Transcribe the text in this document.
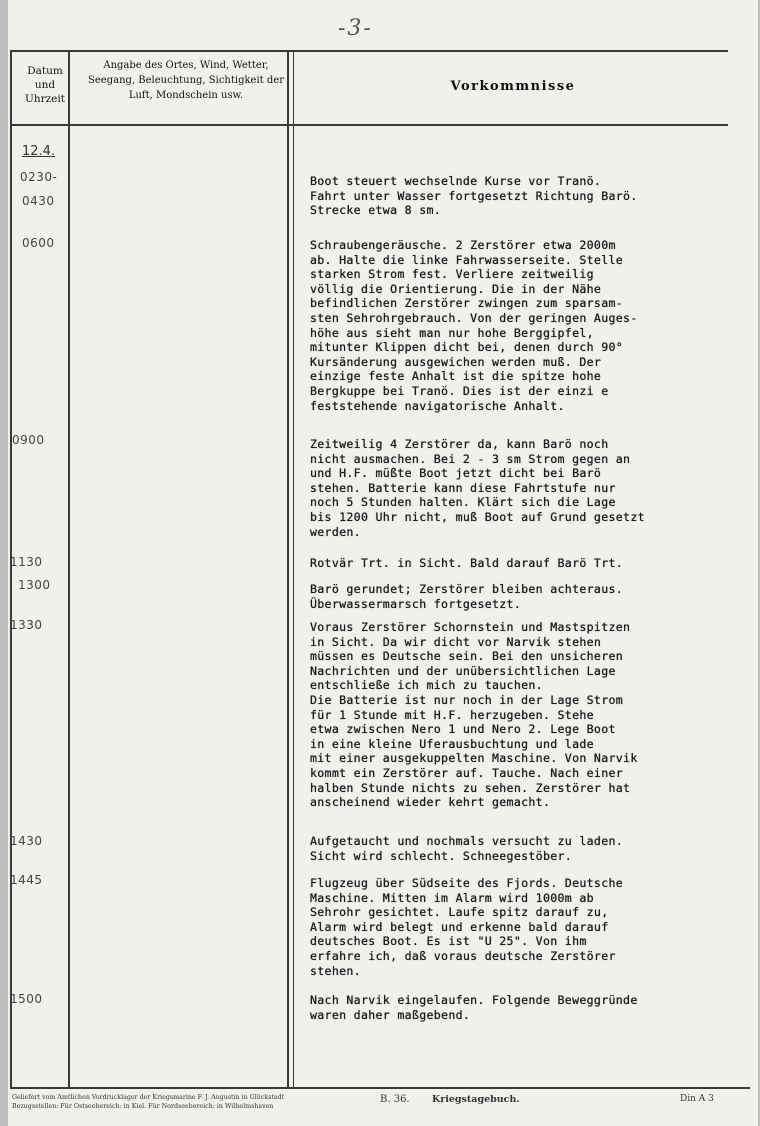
-3-
Datum und Uhrzeit
Angabe des Ortes, Wind, Wetter, Seegang, Beleuchtung, Sichtigkeit der Luft, Mondschein usw.
Vorkommnisse
12.4.
0230-
0430
0600
0900
1130
1300
1330
1430
1445
1500

Boot steuert wechselnde Kurse vor Tranö.
Fahrt unter Wasser fortgesetzt Richtung Barö.
Strecke etwa 8 sm.

Schraubengeräusche. 2 Zerstörer etwa 2000m
ab. Halte die linke Fahrwasserseite. Stelle
starken Strom fest. Verliere zeitweilig
völlig die Orientierung. Die in der Nähe
befindlichen Zerstörer zwingen zum sparsam-
sten Sehrohrgebrauch. Von der geringen Auges-
höhe aus sieht man nur hohe Berggipfel,
mitunter Klippen dicht bei, denen durch 90°
Kursänderung ausgewichen werden muß. Der
einzige feste Anhalt ist die spitze hohe
Bergkuppe bei Tranö. Dies ist der einzi e
feststehende navigatorische Anhalt.

Zeitweilig 4 Zerstörer da, kann Barö noch
nicht ausmachen. Bei 2 - 3 sm Strom gegen an
und H.F. müßte Boot jetzt dicht bei Barö
stehen. Batterie kann diese Fahrtstufe nur
noch 5 Stunden halten. Klärt sich die Lage
bis 1200 Uhr nicht, muß Boot auf Grund gesetzt
werden.

Rotvär Trt. in Sicht. Bald darauf Barö Trt.

Barö gerundet; Zerstörer bleiben achteraus.
Überwassermarsch fortgesetzt.

Voraus Zerstörer Schornstein und Mastspitzen
in Sicht. Da wir dicht vor Narvik stehen
müssen es Deutsche sein. Bei den unsicheren
Nachrichten und der unübersichtlichen Lage
entschließe ich mich zu tauchen.
Die Batterie ist nur noch in der Lage Strom
für 1 Stunde mit H.F. herzugeben. Stehe
etwa zwischen Nero 1 und Nero 2. Lege Boot
in eine kleine Uferausbuchtung und lade
mit einer ausgekuppelten Maschine. Von Narvik
kommt ein Zerstörer auf. Tauche. Nach einer
halben Stunde nichts zu sehen. Zerstörer hat
anscheinend wieder kehrt gemacht.

Aufgetaucht und nochmals versucht zu laden.
Sicht wird schlecht. Schneegestöber.

Flugzeug über Südseite des Fjords. Deutsche
Maschine. Mitten im Alarm wird 1000m ab
Sehrohr gesichtet. Laufe spitz darauf zu,
Alarm wird belegt und erkenne bald darauf
deutsches Boot. Es ist "U 25". Von ihm
erfahre ich, daß voraus deutsche Zerstörer
stehen.

Nach Narvik eingelaufen. Folgende Beweggründe
waren daher maßgebend.

Geliefert vom Amtlichen Vordrucklager der Kriegsmarine F. J. Augustin in Glückstadt
Bezugsstellen: Für Ostseebereich: in Kiel. Für Nordseebereich: in Wilhelmshaven
B. 36. Kriegstagebuch.	Din A 3
